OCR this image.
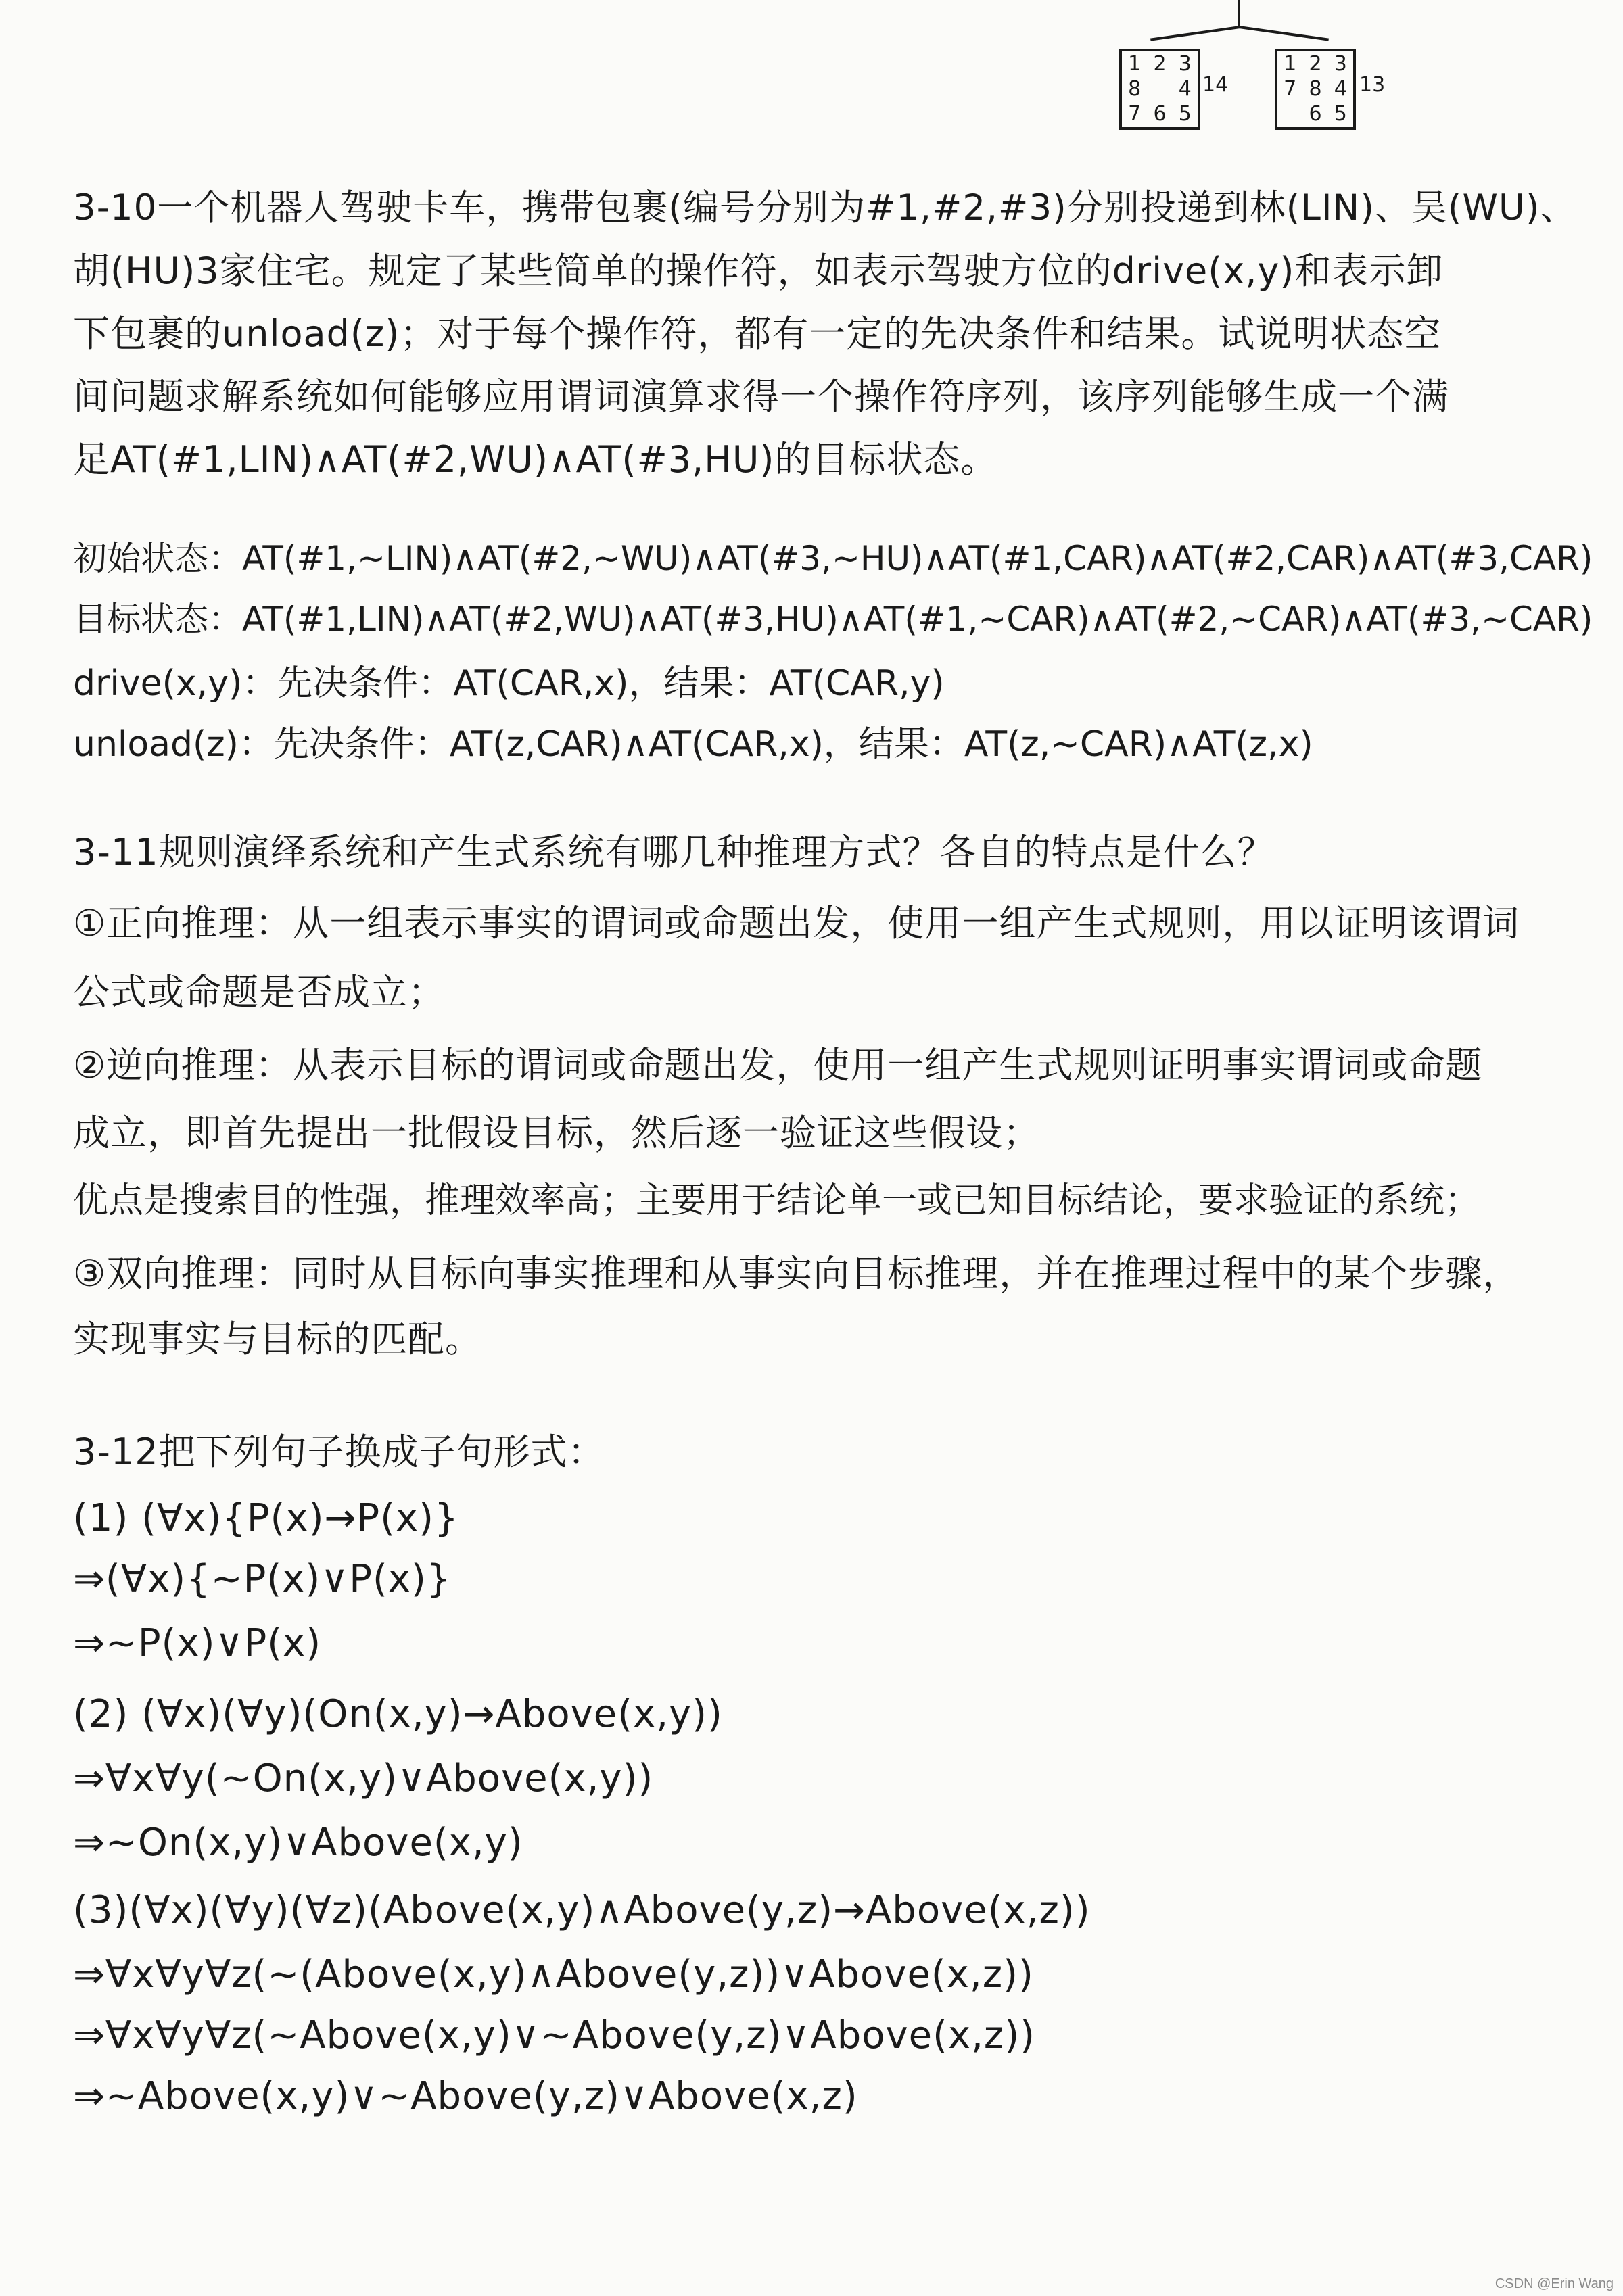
1 2 3
8	4
7 6 5
14
1 2 3
7 8 4
6 5
13
3-10一个机器人驾驶卡车，携带包裹(编号分别为#1,#2,#3)分别投递到林(LIN)、吴(WU)、
胡(HU)3家住宅。规定了某些简单的操作符，如表示驾驶方位的drive(x,y)和表示卸
下包裹的unload(z)；对于每个操作符，都有一定的先决条件和结果。试说明状态空
间问题求解系统如何能够应用谓词演算求得一个操作符序列，该序列能够生成一个满
足AT(#1,LIN)∧AT(#2,WU)∧AT(#3,HU)的目标状态。
初始状态：AT(#1,~LIN)∧AT(#2,~WU)∧AT(#3,~HU)∧AT(#1,CAR)∧AT(#2,CAR)∧AT(#3,CAR)
目标状态：AT(#1,LIN)∧AT(#2,WU)∧AT(#3,HU)∧AT(#1,~CAR)∧AT(#2,~CAR)∧AT(#3,~CAR)
drive(x,y)：先决条件：AT(CAR,x)，结果：AT(CAR,y)
unload(z)：先决条件：AT(z,CAR)∧AT(CAR,x)，结果：AT(z,~CAR)∧AT(z,x)
3-11规则演绎系统和产生式系统有哪几种推理方式？各自的特点是什么？
①正向推理：从一组表示事实的谓词或命题出发，使用一组产生式规则，用以证明该谓词
公式或命题是否成立；
②逆向推理：从表示目标的谓词或命题出发，使用一组产生式规则证明事实谓词或命题
成立，即首先提出一批假设目标，然后逐一验证这些假设；
优点是搜索目的性强，推理效率高；主要用于结论单一或已知目标结论，要求验证的系统；
③双向推理：同时从目标向事实推理和从事实向目标推理，并在推理过程中的某个步骤，
实现事实与目标的匹配。
3-12把下列句子换成子句形式：
(1) (∀x){P(x)→P(x)}
⇒(∀x){~P(x)∨P(x)}
⇒~P(x)∨P(x)
(2) (∀x)(∀y)(On(x,y)→Above(x,y))
⇒∀x∀y(~On(x,y)∨Above(x,y))
⇒~On(x,y)∨Above(x,y)
(3)(∀x)(∀y)(∀z)(Above(x,y)∧Above(y,z)→Above(x,z))
⇒∀x∀y∀z(~(Above(x,y)∧Above(y,z))∨Above(x,z))
⇒∀x∀y∀z(~Above(x,y)∨~Above(y,z)∨Above(x,z))
⇒~Above(x,y)∨~Above(y,z)∨Above(x,z)
CSDN @Erin Wang
